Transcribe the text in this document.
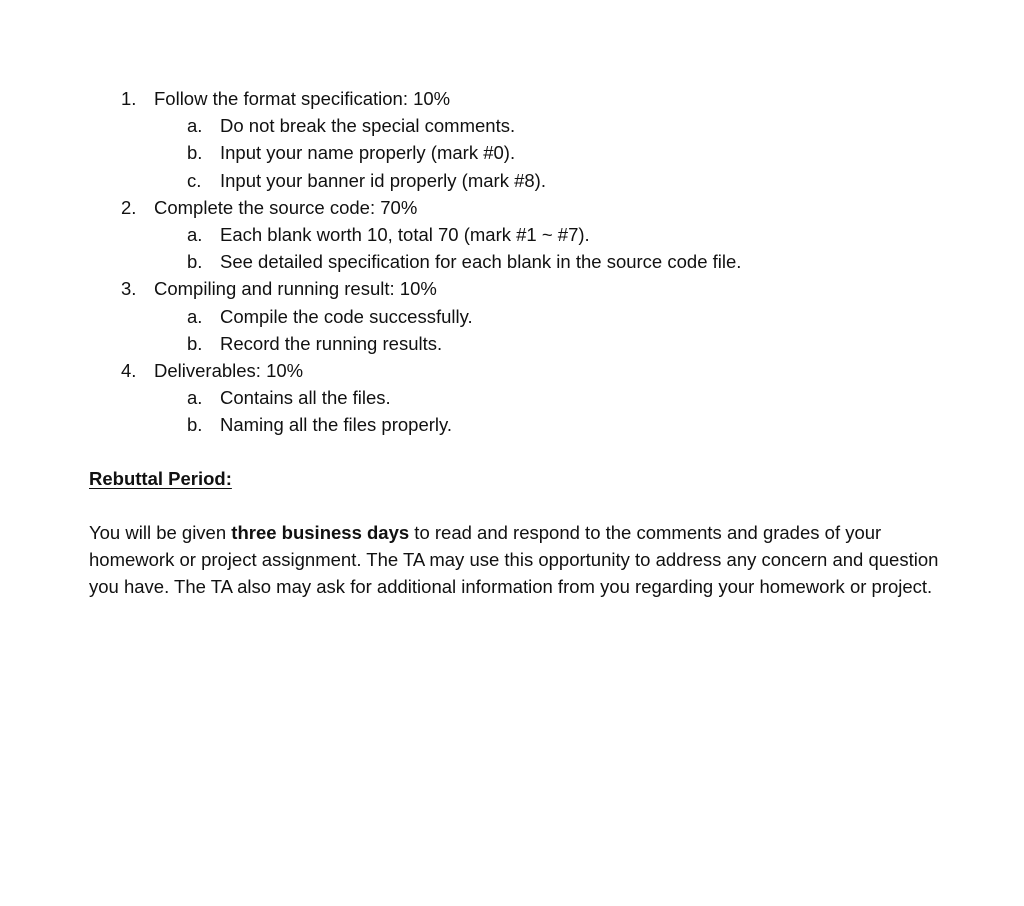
1. Follow the format specification: 10%
a. Do not break the special comments.
b. Input your name properly (mark #0).
c. Input your banner id properly (mark #8).
2. Complete the source code: 70%
a. Each blank worth 10, total 70 (mark #1 ~ #7).
b. See detailed specification for each blank in the source code file.
3. Compiling and running result: 10%
a. Compile the code successfully.
b. Record the running results.
4. Deliverables: 10%
a. Contains all the files.
b. Naming all the files properly.
Rebuttal Period:
You will be given three business days to read and respond to the comments and grades of your homework or project assignment. The TA may use this opportunity to address any concern and question you have. The TA also may ask for additional information from you regarding your homework or project.
